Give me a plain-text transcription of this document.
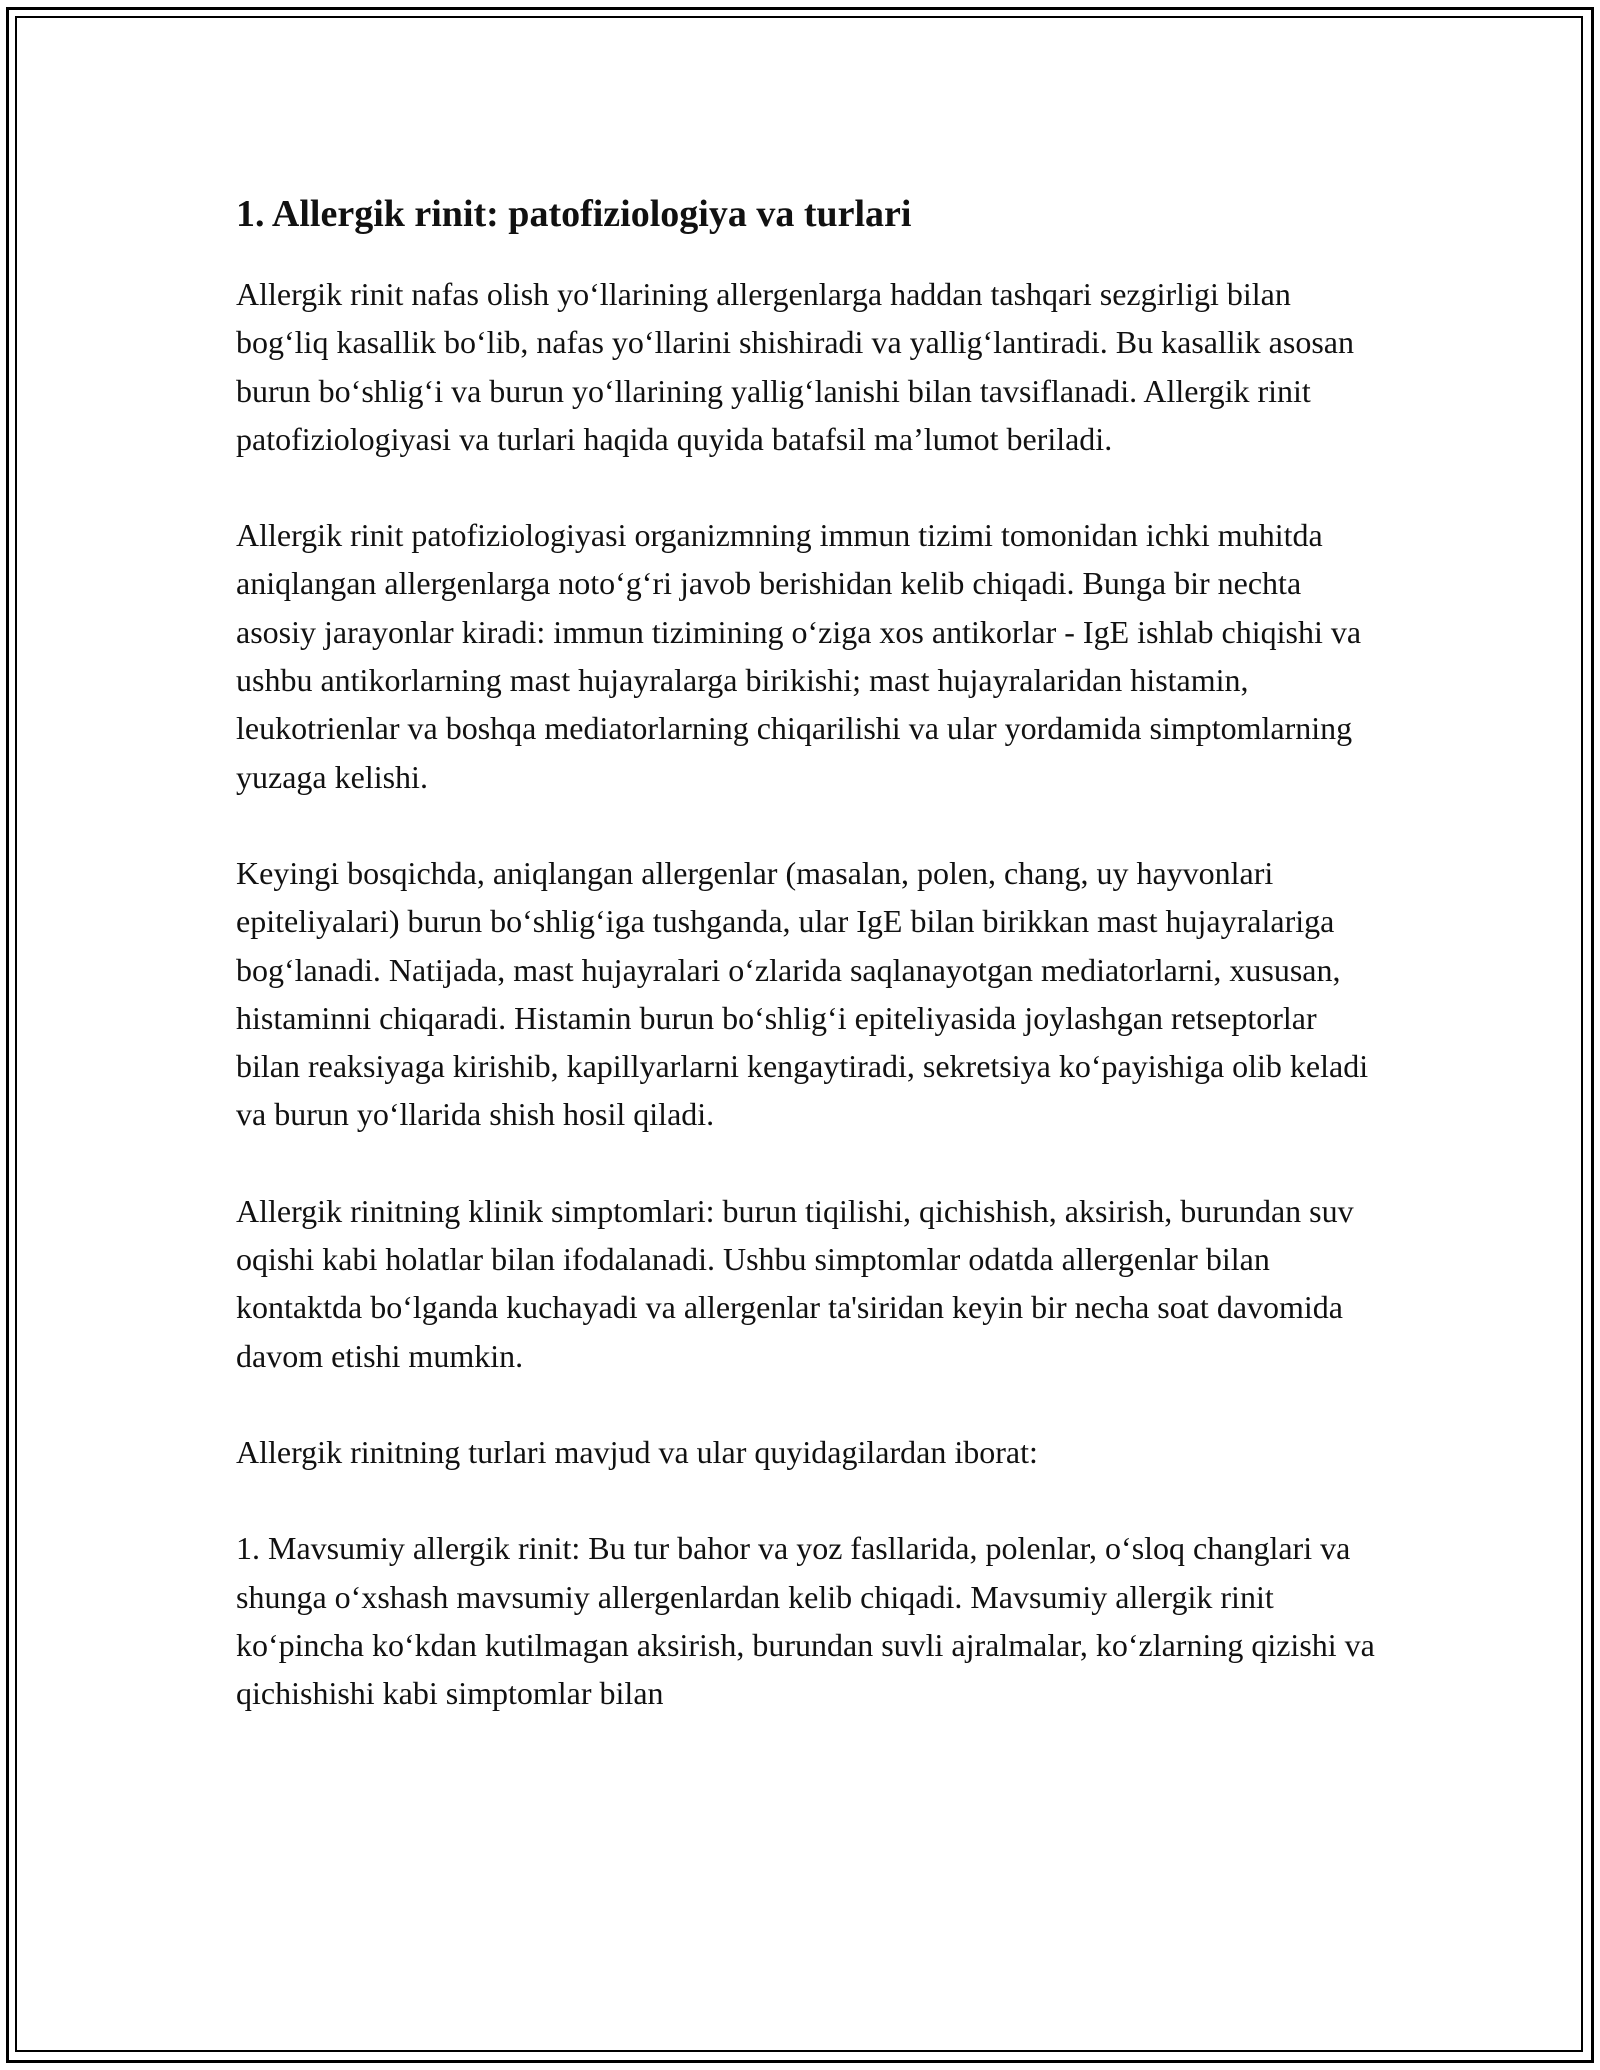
1. Allergik rinit: patofiziologiya va turlari

Allergik rinit nafas olish yo‘llarining allergenlarga haddan tashqari sezgirligi bilan bog‘liq kasallik bo‘lib, nafas yo‘llarini shishiradi va yallig‘lantiradi. Bu kasallik asosan burun bo‘shlig‘i va burun yo‘llarining yallig‘lanishi bilan tavsiflanadi. Allergik rinit patofiziologiyasi va turlari haqida quyida batafsil ma’lumot beriladi.

Allergik rinit patofiziologiyasi organizmning immun tizimi tomonidan ichki muhitda aniqlangan allergenlarga noto‘g‘ri javob berishidan kelib chiqadi. Bunga bir nechta asosiy jarayonlar kiradi: immun tizimining o‘ziga xos antikorlar - IgE ishlab chiqishi va ushbu antikorlarning mast hujayralarga birikishi; mast hujayralaridan histamin, leukotrienlar va boshqa mediatorlarning chiqarilishi va ular yordamida simptomlarning yuzaga kelishi.

Keyingi bosqichda, aniqlangan allergenlar (masalan, polen, chang, uy hayvonlari epiteliyalari) burun bo‘shlig‘iga tushganda, ular IgE bilan birikkan mast hujayralariga bog‘lanadi. Natijada, mast hujayralari o‘zlarida saqlanayotgan mediatorlarni, xususan, histaminni chiqaradi. Histamin burun bo‘shlig‘i epiteliyasida joylashgan retseptorlar bilan reaksiyaga kirishib, kapillyarlarni kengaytiradi, sekretsiya ko‘payishiga olib keladi va burun yo‘llarida shish hosil qiladi.

Allergik rinitning klinik simptomlari: burun tiqilishi, qichishish, aksirish, burundan suv oqishi kabi holatlar bilan ifodalanadi. Ushbu simptomlar odatda allergenlar bilan kontaktda bo‘lganda kuchayadi va allergenlar ta'siridan keyin bir necha soat davomida davom etishi mumkin.

Allergik rinitning turlari mavjud va ular quyidagilardan iborat:

1. Mavsumiy allergik rinit: Bu tur bahor va yoz fasllarida, polenlar, o‘sloq changlari va shunga o‘xshash mavsumiy allergenlardan kelib chiqadi. Mavsumiy allergik rinit ko‘pincha ko‘kdan kutilmagan aksirish, burundan suvli ajralmalar, ko‘zlarning qizishi va qichishishi kabi simptomlar bilan
